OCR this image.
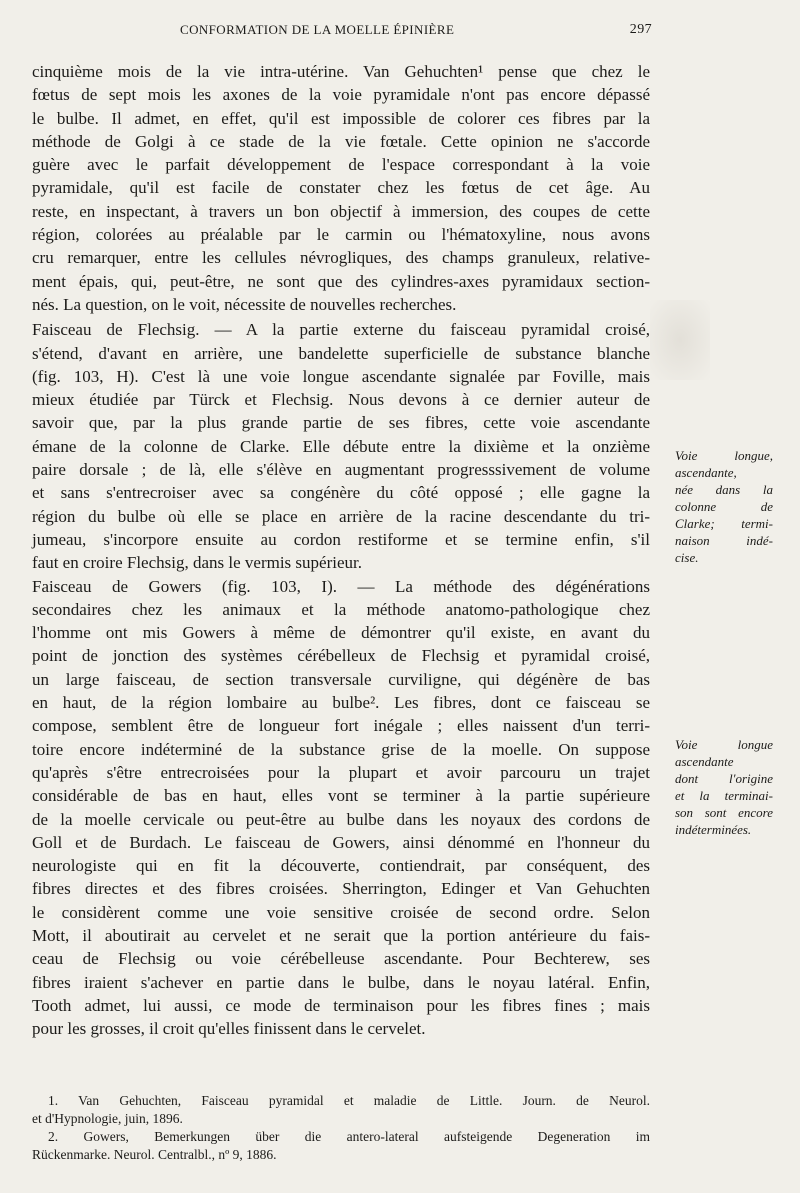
CONFORMATION DE LA MOELLE ÉPINIÈRE	297

cinquième mois de la vie intra-utérine. Van Gehuchten¹ pense que chez le
fœtus de sept mois les axones de la voie pyramidale n'ont pas encore dépassé
le bulbe. Il admet, en effet, qu'il est impossible de colorer ces fibres par la
méthode de Golgi à ce stade de la vie fœtale. Cette opinion ne s'accorde
guère avec le parfait développement de l'espace correspondant à la voie
pyramidale, qu'il est facile de constater chez les fœtus de cet âge. Au
reste, en inspectant, à travers un bon objectif à immersion, des coupes de cette
région, colorées au préalable par le carmin ou l'hématoxyline, nous avons
cru remarquer, entre les cellules névrogliques, des champs granuleux, relative-
ment épais, qui, peut-être, ne sont que des cylindres-axes pyramidaux section-
nés. La question, on le voit, nécessite de nouvelles recherches.

Faisceau de Flechsig. — A la partie externe du faisceau pyramidal croisé,
s'étend, d'avant en arrière, une bandelette superficielle de substance blanche
(fig. 103, H). C'est là une voie longue ascendante signalée par Foville, mais
mieux étudiée par Türck et Flechsig. Nous devons à ce dernier auteur de
savoir que, par la plus grande partie de ses fibres, cette voie ascendante
émane de la colonne de Clarke. Elle débute entre la dixième et la onzième
paire dorsale ; de là, elle s'élève en augmentant progresssivement de volume
et sans s'entrecroiser avec sa congénère du côté opposé ; elle gagne la
région du bulbe où elle se place en arrière de la racine descendante du tri-
jumeau, s'incorpore ensuite au cordon restiforme et se termine enfin, s'il
faut en croire Flechsig, dans le vermis supérieur.

Faisceau de Gowers (fig. 103, I). — La méthode des dégénérations
secondaires chez les animaux et la méthode anatomo-pathologique chez
l'homme ont mis Gowers à même de démontrer qu'il existe, en avant du
point de jonction des systèmes cérébelleux de Flechsig et pyramidal croisé,
un large faisceau, de section transversale curviligne, qui dégénère de bas
en haut, de la région lombaire au bulbe². Les fibres, dont ce faisceau se
compose, semblent être de longueur fort inégale ; elles naissent d'un terri-
toire encore indéterminé de la substance grise de la moelle. On suppose
qu'après s'être entrecroisées pour la plupart et avoir parcouru un trajet
considérable de bas en haut, elles vont se terminer à la partie supérieure
de la moelle cervicale ou peut-être au bulbe dans les noyaux des cordons de
Goll et de Burdach. Le faisceau de Gowers, ainsi dénommé en l'honneur du
neurologiste qui en fit la découverte, contiendrait, par conséquent, des
fibres directes et des fibres croisées. Sherrington, Edinger et Van Gehuchten
le considèrent comme une voie sensitive croisée de second ordre. Selon
Mott, il aboutirait au cervelet et ne serait que la portion antérieure du fais-
ceau de Flechsig ou voie cérébelleuse ascendante. Pour Bechterew, ses
fibres iraient s'achever en partie dans le bulbe, dans le noyau latéral. Enfin,
Tooth admet, lui aussi, ce mode de terminaison pour les fibres fines ; mais
pour les grosses, il croit qu'elles finissent dans le cervelet.

Voie longue,
ascendante,
née dans la
colonne de
Clarke; termi-
naison indé-
cise.
Voie longue
ascendante
dont l'origine
et la terminai-
son sont encore
indéterminées.
1. Van Gehuchten, Faisceau pyramidal et maladie de Little. Journ. de Neurol.
et d'Hypnologie, juin, 1896.
2. Gowers, Bemerkungen über die antero-lateral aufsteigende Degeneration im
Rückenmarke. Neurol. Centralbl., nº 9, 1886.
